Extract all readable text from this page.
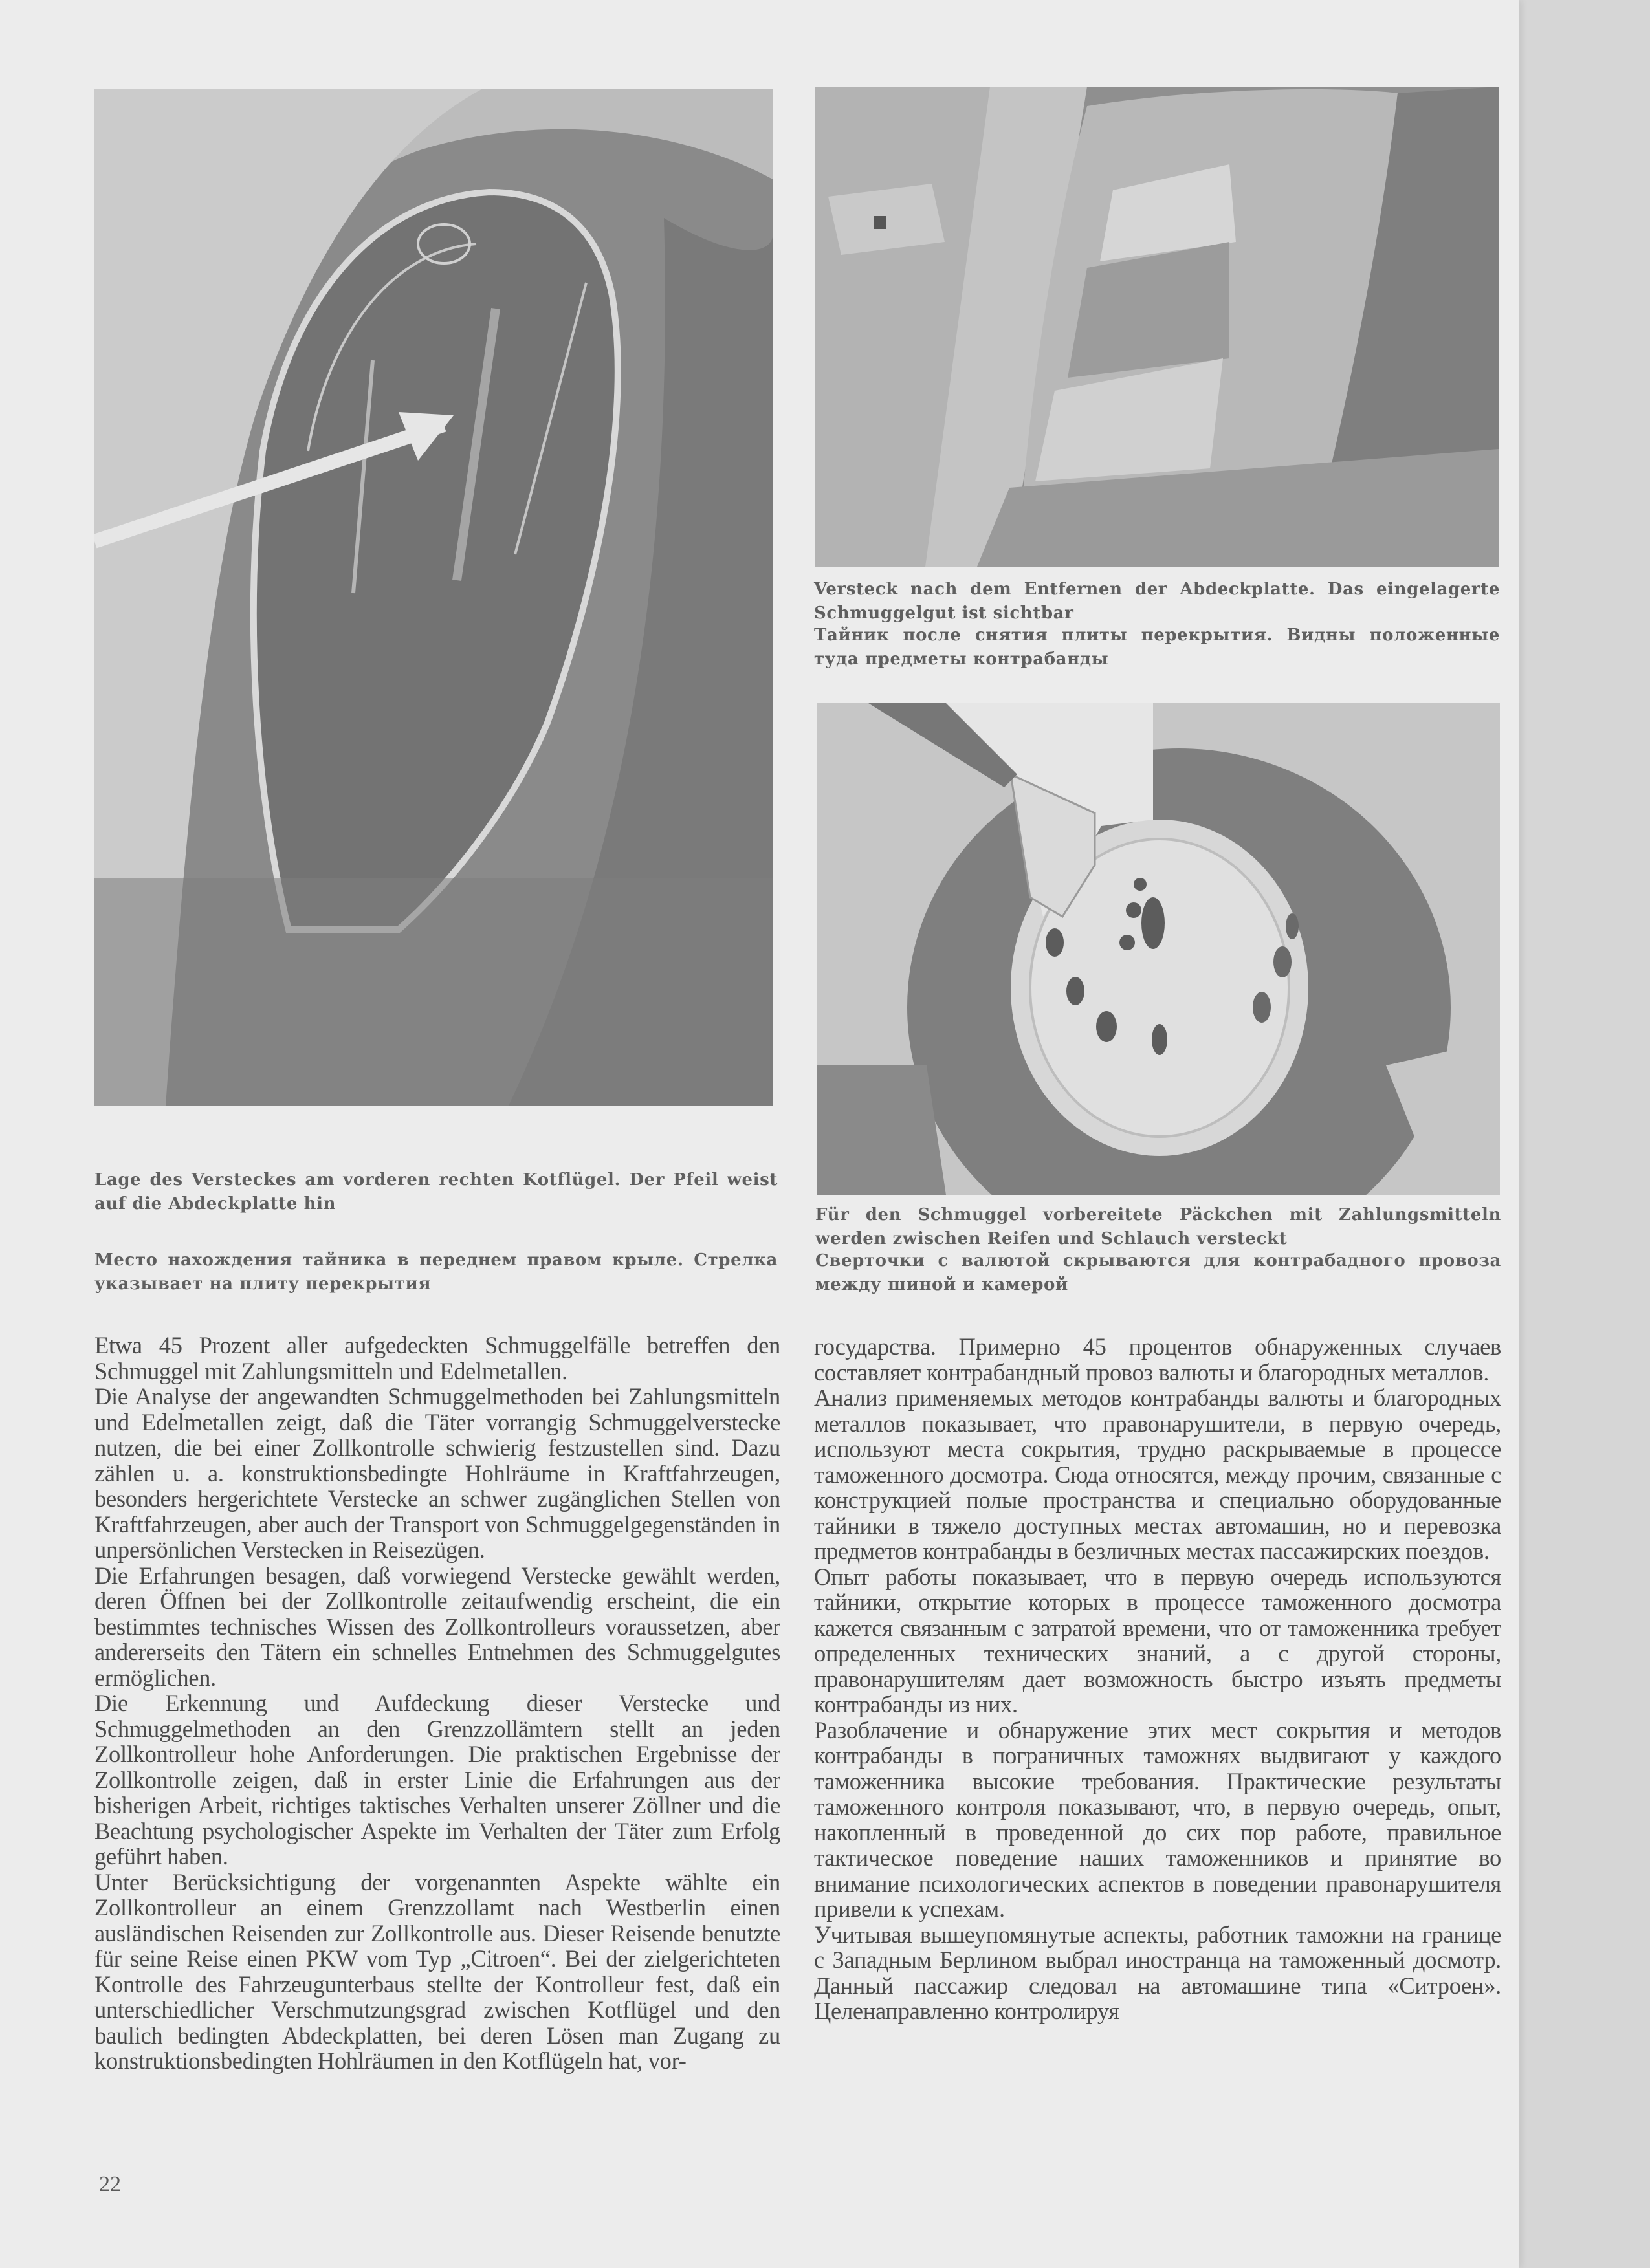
Versteck nach dem Entfernen der Abdeckplatte. Das eingelagerte Schmuggelgut ist sichtbar
Тайник после снятия плиты перекрытия. Видны положенные туда предметы контрабанды
Lage des Versteckes am vorderen rechten Kotflügel. Der Pfeil weist auf die Abdeckplatte hin
Место нахождения тайника в переднем правом крыле. Стрелка указывает на плиту перекрытия
Für den Schmuggel vorbereitete Päckchen mit Zahlungsmitteln werden zwischen Reifen und Schlauch versteckt
Сверточки с валютой скрываются для контрабадного провоза между шиной и камерой

Etwa 45 Prozent aller aufgedeckten Schmuggelfälle betreffen den Schmuggel mit Zahlungsmitteln und Edelmetallen.

Die Analyse der angewandten Schmuggelmethoden bei Zahlungsmitteln und Edelmetallen zeigt, daß die Täter vorrangig Schmuggelverstecke nutzen, die bei einer Zollkontrolle schwierig festzustellen sind. Dazu zählen u. a. konstruktionsbedingte Hohlräume in Kraftfahrzeugen, besonders hergerichtete Verstecke an schwer zugänglichen Stellen von Kraftfahrzeugen, aber auch der Transport von Schmuggelgegenständen in unpersönlichen Verstecken in Reisezügen.

Die Erfahrungen besagen, daß vorwiegend Verstecke gewählt werden, deren Öffnen bei der Zollkontrolle zeitaufwendig erscheint, die ein bestimmtes technisches Wissen des Zollkontrolleurs voraussetzen, aber andererseits den Tätern ein schnelles Entnehmen des Schmuggelgutes ermöglichen.

Die Erkennung und Aufdeckung dieser Verstecke und Schmuggelmethoden an den Grenzzollämtern stellt an jeden Zollkontrolleur hohe Anforderungen. Die praktischen Ergebnisse der Zollkontrolle zeigen, daß in erster Linie die Erfahrungen aus der bisherigen Arbeit, richtiges taktisches Verhalten unserer Zöllner und die Beachtung psychologischer Aspekte im Verhalten der Täter zum Erfolg geführt haben.

Unter Berücksichtigung der vorgenannten Aspekte wählte ein Zollkontrolleur an einem Grenzzollamt nach Westberlin einen ausländischen Reisenden zur Zollkontrolle aus. Dieser Reisende benutzte für seine Reise einen PKW vom Typ „Citroen“. Bei der zielgerichteten Kontrolle des Fahrzeugunterbaus stellte der Kontrolleur fest, daß ein unterschiedlicher Verschmutzungsgrad zwischen Kotflügel und den baulich bedingten Abdeckplatten, bei deren Lösen man Zugang zu konstruktionsbedingten Hohlräumen in den Kotflügeln hat, vor-

государства. Примерно 45 процентов обнаруженных случаев составляет контрабандный провоз валюты и благородных металлов.

Анализ применяемых методов контрабанды валюты и благородных металлов показывает, что правонарушители, в первую очередь, используют места сокрытия, трудно раскрываемые в процессе таможенного досмотра. Сюда относятся, между прочим, связанные с конструкцией полые пространства и специально оборудованные тайники в тяжело доступных местах автомашин, но и перевозка предметов контрабанды в безличных местах пассажирских поездов.

Опыт работы показывает, что в первую очередь используются тайники, открытие которых в процессе таможенного досмотра кажется связанным с затратой времени, что от таможенника требует определенных технических знаний, а с другой стороны, правонарушителям дает возможность быстро изъять предметы контрабанды из них.

Разоблачение и обнаружение этих мест сокрытия и методов контрабанды в пограничных таможнях выдвигают у каждого таможенника высокие требования. Практические результаты таможенного контроля показывают, что, в первую очередь, опыт, накопленный в проведенной до сих пор работе, правильное тактическое поведение наших таможенников и принятие во внимание психологических аспектов в поведении правонарушителя привели к успехам.

Учитывая вышеупомянутые аспекты, работник таможни на границе с Западным Берлином выбрал иностранца на таможенный досмотр. Данный пассажир следовал на автомашине типа «Ситроен». Целенаправленно контролируя

22
